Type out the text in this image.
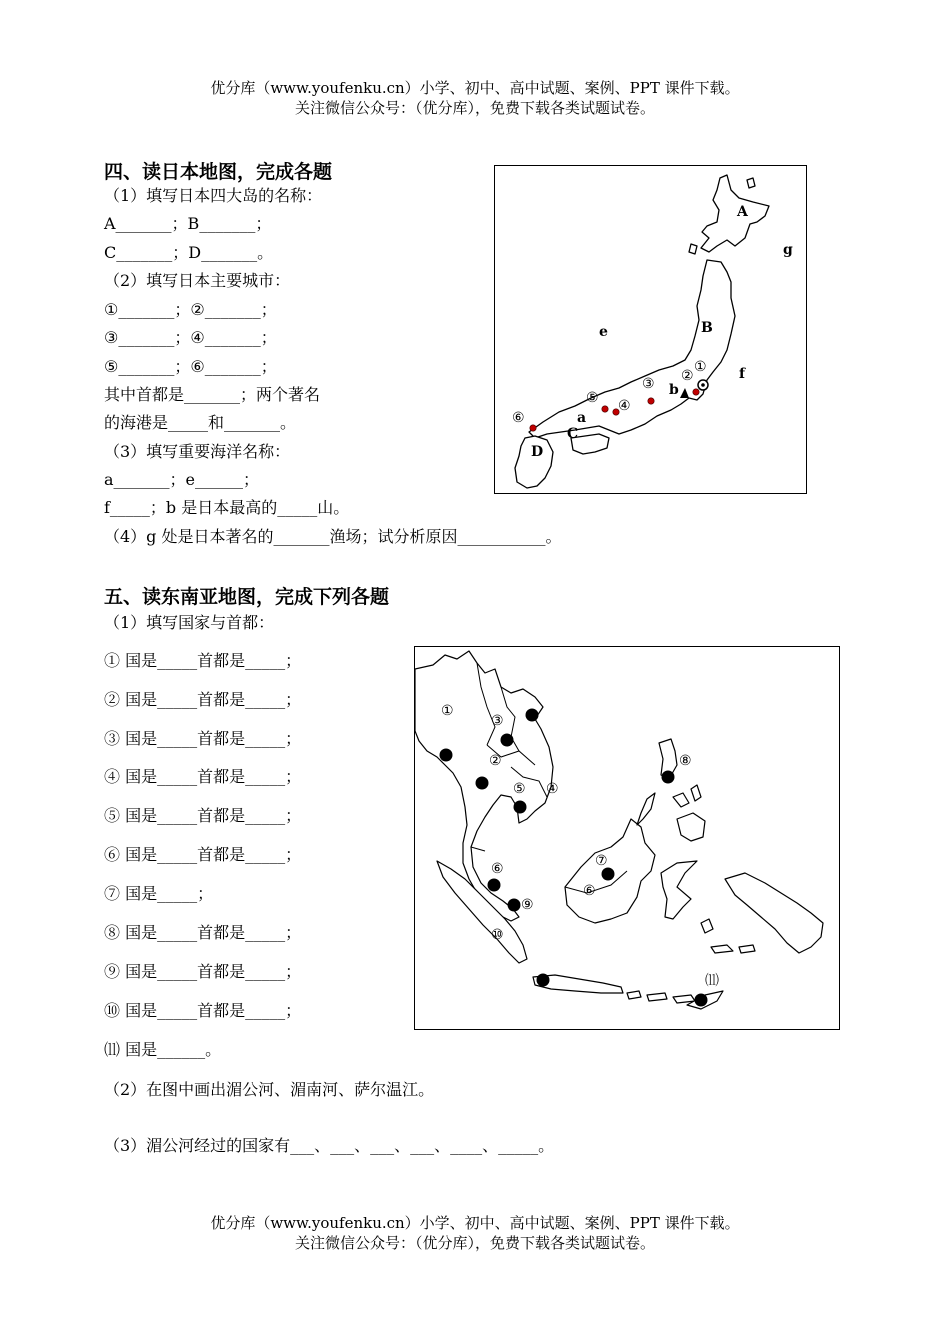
优分库（www.youfenku.cn）小学、初中、高中试题、案例、PPT 课件下载。
关注微信公众号：（优分库），免费下载各类试题试卷。
四、读日本地图，完成各题
（1）填写日本四大岛的名称：
A_______；B_______；
C_______；D_______。
（2）填写日本主要城市：
①_______；②_______；
③_______；④_______；
⑤_______；⑥_______；
其中首都是_______；两个著名
的海港是_____和_______。
（3）填写重要海洋名称：
a_______；e______；
f_____；b 是日本最高的_____山。
（4）g 处是日本著名的_______渔场；试分析原因___________。
A
B
C
D
a
b
e
f
g
①
②
③
④
⑤
⑥
五、读东南亚地图，完成下列各题
（1）填写国家与首都：
① 国是_____首都是_____；
② 国是_____首都是_____；
③ 国是_____首都是_____；
④ 国是_____首都是_____；
⑤ 国是_____首都是_____；
⑥ 国是_____首都是_____；
⑦ 国是_____；
⑧ 国是_____首都是_____；
⑨ 国是_____首都是_____；
⑩ 国是_____首都是_____；
⑾ 国是______。
（2）在图中画出湄公河、湄南河、萨尔温江。
（3）湄公河经过的国家有___、___、___、___、____、_____。
①
②
③
④
⑤
⑥
⑥
⑦
⑧
⑨
⑩
⑾
优分库（www.youfenku.cn）小学、初中、高中试题、案例、PPT 课件下载。
关注微信公众号：（优分库），免费下载各类试题试卷。
